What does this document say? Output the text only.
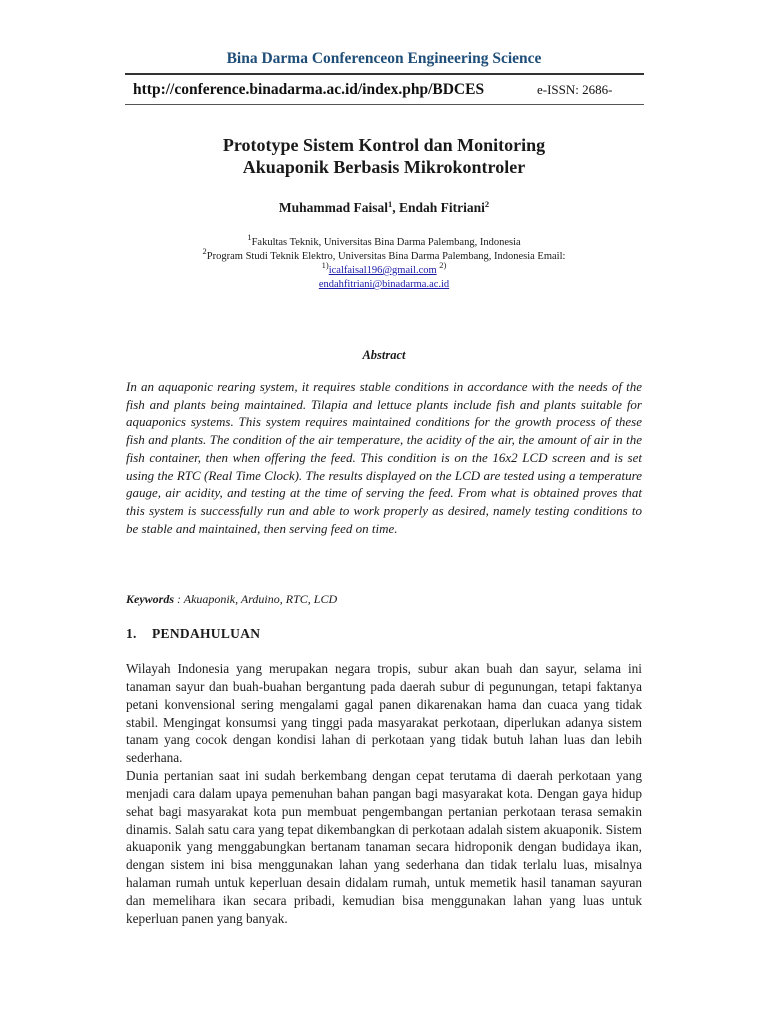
Bina Darma Conferenceon Engineering Science
http://conference.binadarma.ac.id/index.php/BDCES	e-ISSN: 2686-
Prototype Sistem Kontrol dan Monitoring
Akuaponik Berbasis Mikrokontroler
Muhammad Faisal$^1$, Endah Fitriani$^2$
$^1$Fakultas Teknik, Universitas Bina Darma Palembang, Indonesia
$^2$Program Studi Teknik Elektro, Universitas Bina Darma Palembang, Indonesia Email: $^{1)}$icalfaisal196@gmail.com $^{2)}$
endahfitriani@binadarma.ac.id
Abstract
In an aquaponic rearing system, it requires stable conditions in accordance with the needs of the fish and plants being maintained. Tilapia and lettuce plants include fish and plants suitable for aquaponics systems. This system requires maintained conditions for the growth process of these fish and plants. The condition of the air temperature, the acidity of the air, the amount of air in the fish container, then when offering the feed. This condition is on the 16x2 LCD screen and is set using the RTC (Real Time Clock). The results displayed on the LCD are tested using a temperature gauge, air acidity, and testing at the time of serving the feed. From what is obtained proves that this system is successfully run and able to work properly as desired, namely testing conditions to be stable and maintained, then serving feed on time.
Keywords : Akuaponik, Arduino, RTC, LCD
1. PENDAHULUAN

Wilayah Indonesia yang merupakan negara tropis, subur akan buah dan sayur, selama ini tanaman sayur dan buah-buahan bergantung pada daerah subur di pegunungan, tetapi faktanya petani konvensional sering mengalami gagal panen dikarenakan hama dan cuaca yang tidak stabil. Mengingat konsumsi yang tinggi pada masyarakat perkotaan, diperlukan adanya sistem tanam yang cocok dengan kondisi lahan di perkotaan yang tidak butuh lahan luas dan lebih sederhana.

Dunia pertanian saat ini sudah berkembang dengan cepat terutama di daerah perkotaan yang menjadi cara dalam upaya pemenuhan bahan pangan bagi masyarakat kota. Dengan gaya hidup sehat bagi masyarakat kota pun membuat pengembangan pertanian perkotaan terasa semakin dinamis. Salah satu cara yang tepat dikembangkan di perkotaan adalah sistem akuaponik. Sistem akuaponik yang menggabungkan bertanam tanaman secara hidroponik dengan budidaya ikan, dengan sistem ini bisa menggunakan lahan yang sederhana dan tidak terlalu luas, misalnya halaman rumah untuk keperluan desain didalam rumah, untuk memetik hasil tanaman sayuran dan memelihara ikan secara pribadi, kemudian bisa menggunakan lahan yang luas untuk keperluan panen yang banyak.
